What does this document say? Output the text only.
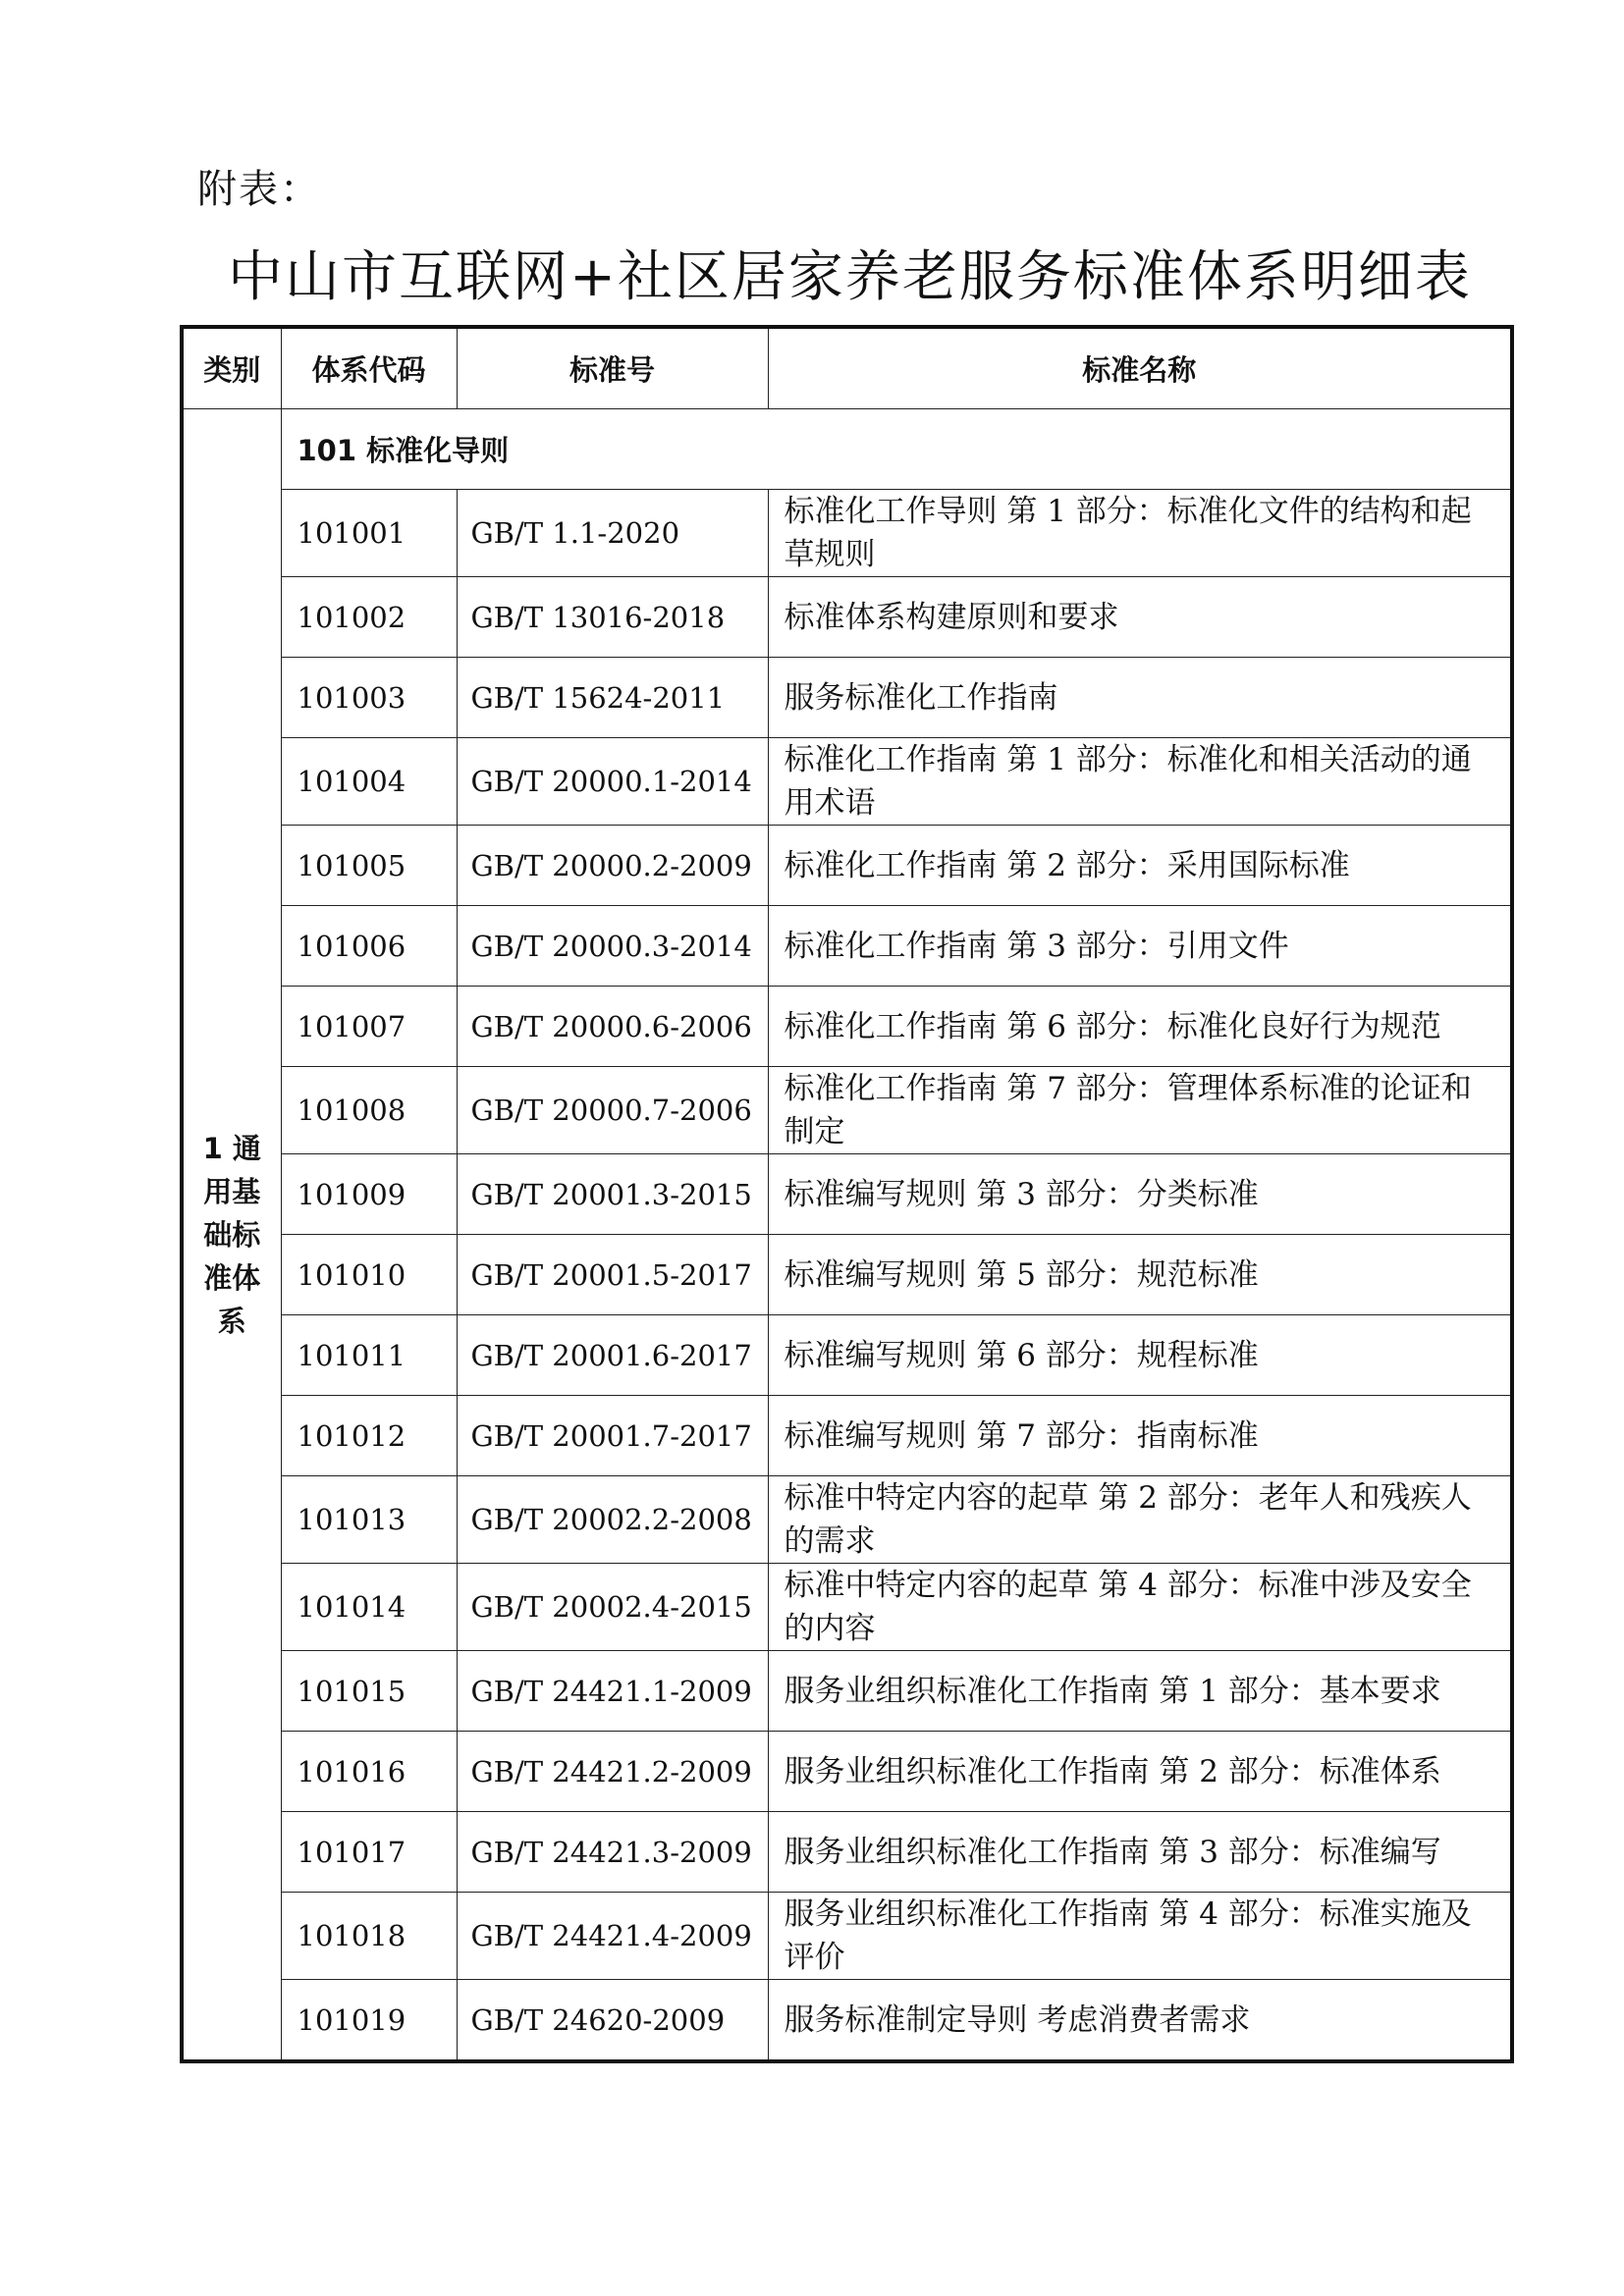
附表：
中山市互联网+社区居家养老服务标准体系明细表
类别	体系代码	标准号	标准名称
1 通用基础标准体系	101 标准化导则		
	101001	GB/T 1.1-2020	标准化工作导则 第 1 部分：标准化文件的结构和起草规则
	101002	GB/T 13016-2018	标准体系构建原则和要求
	101003	GB/T 15624-2011	服务标准化工作指南
	101004	GB/T 20000.1-2014	标准化工作指南 第 1 部分：标准化和相关活动的通用术语
	101005	GB/T 20000.2-2009	标准化工作指南 第 2 部分：采用国际标准
	101006	GB/T 20000.3-2014	标准化工作指南 第 3 部分：引用文件
	101007	GB/T 20000.6-2006	标准化工作指南 第 6 部分：标准化良好行为规范
	101008	GB/T 20000.7-2006	标准化工作指南 第 7 部分：管理体系标准的论证和制定
	101009	GB/T 20001.3-2015	标准编写规则 第 3 部分：分类标准
	101010	GB/T 20001.5-2017	标准编写规则 第 5 部分：规范标准
	101011	GB/T 20001.6-2017	标准编写规则 第 6 部分：规程标准
	101012	GB/T 20001.7-2017	标准编写规则 第 7 部分：指南标准
	101013	GB/T 20002.2-2008	标准中特定内容的起草 第 2 部分：老年人和残疾人的需求
	101014	GB/T 20002.4-2015	标准中特定内容的起草 第 4 部分：标准中涉及安全的内容
	101015	GB/T 24421.1-2009	服务业组织标准化工作指南 第 1 部分：基本要求
	101016	GB/T 24421.2-2009	服务业组织标准化工作指南 第 2 部分：标准体系
	101017	GB/T 24421.3-2009	服务业组织标准化工作指南 第 3 部分：标准编写
	101018	GB/T 24421.4-2009	服务业组织标准化工作指南 第 4 部分：标准实施及评价
	101019	GB/T 24620-2009	服务标准制定导则 考虑消费者需求
